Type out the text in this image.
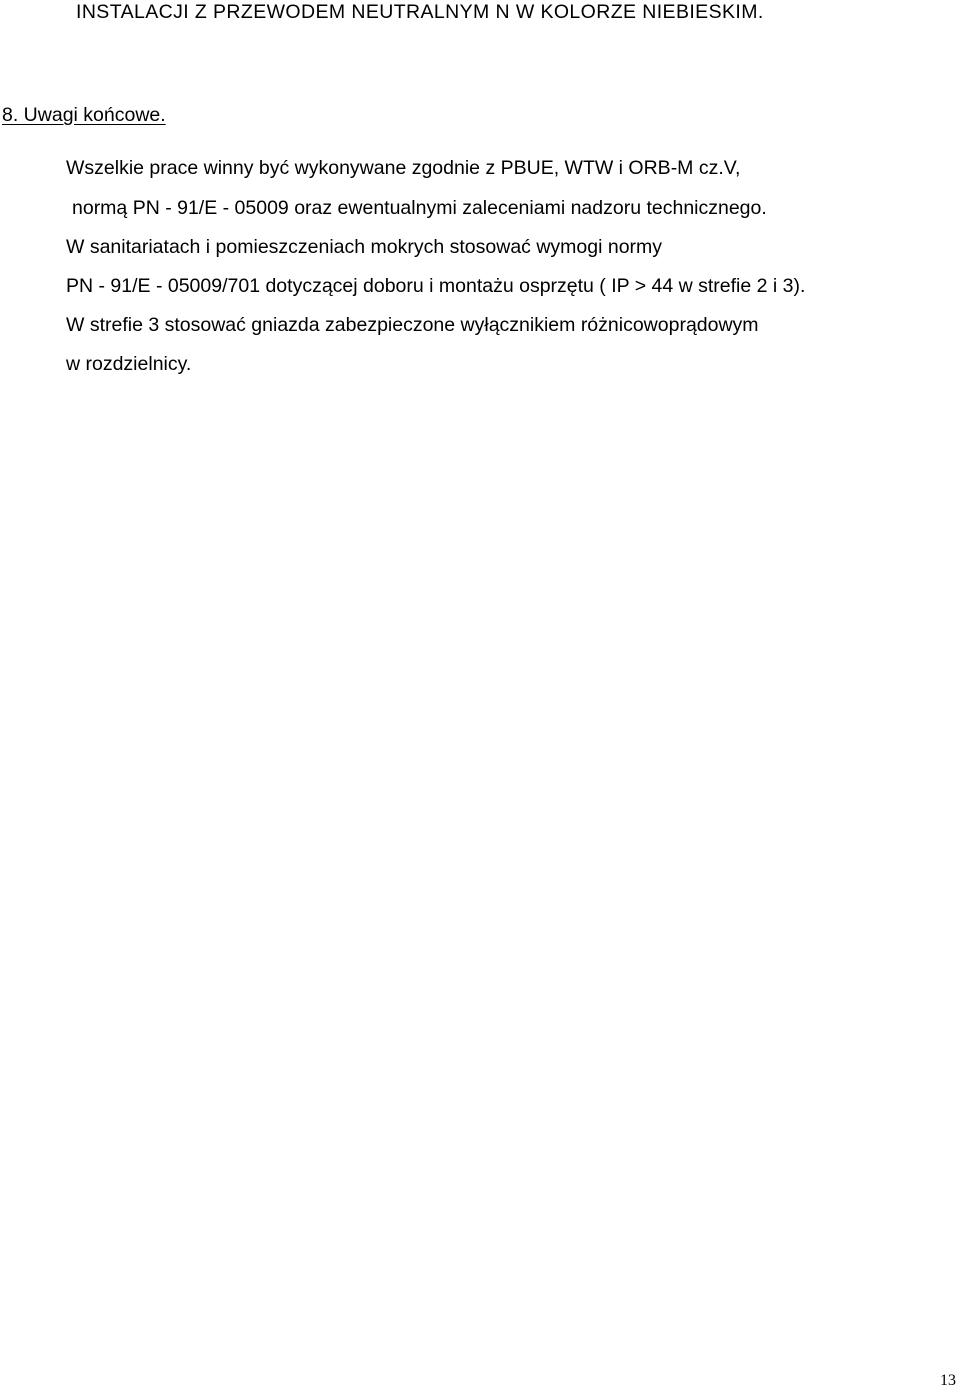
INSTALACJI Z PRZEWODEM NEUTRALNYM N W KOLORZE NIEBIESKIM.
8. Uwagi końcowe.
Wszelkie prace winny być wykonywane zgodnie z PBUE, WTW i ORB-M cz.V,
normą PN - 91/E - 05009 oraz ewentualnymi zaleceniami nadzoru technicznego.
W sanitariatach i pomieszczeniach mokrych stosować wymogi normy
PN - 91/E - 05009/701 dotyczącej doboru i montażu osprzętu ( IP > 44 w strefie 2 i 3).
W strefie 3 stosować gniazda zabezpieczone wyłącznikiem różnicowoprądowym
w rozdzielnicy.
13
